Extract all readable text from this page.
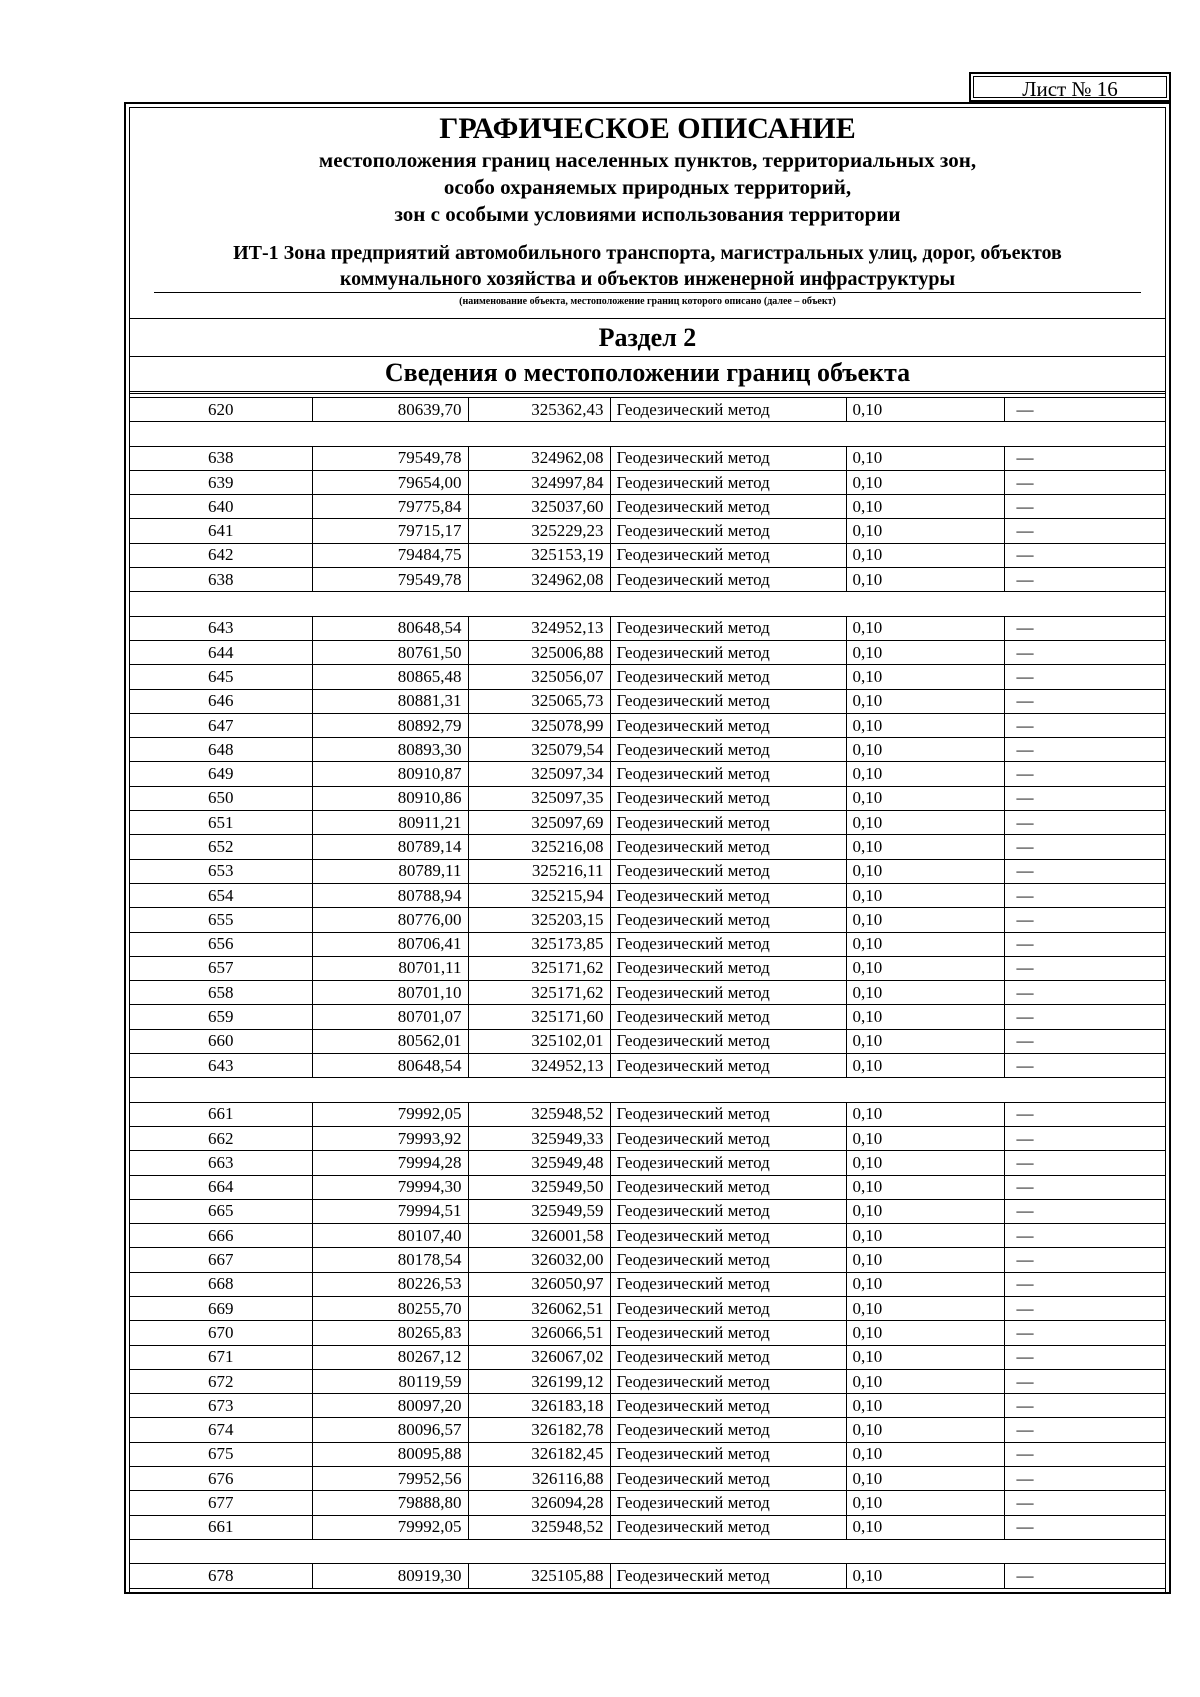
Лист № 16
ГРАФИЧЕСКОЕ ОПИСАНИЕ
местоположения границ населенных пунктов, территориальных зон,
особо охраняемых природных территорий,
зон с особыми условиями использования территории
ИТ-1 Зона предприятий автомобильного транспорта, магистральных улиц, дорог, объектов
коммунального хозяйства и объектов инженерной инфраструктуры
(наименование объекта, местоположение границ которого описано (далее – объект)
Раздел 2
Сведения о местоположении границ объекта
620	80639,70	325362,43	Геодезический метод	0,10	—

638	79549,78	324962,08	Геодезический метод	0,10	—
639	79654,00	324997,84	Геодезический метод	0,10	—
640	79775,84	325037,60	Геодезический метод	0,10	—
641	79715,17	325229,23	Геодезический метод	0,10	—
642	79484,75	325153,19	Геодезический метод	0,10	—
638	79549,78	324962,08	Геодезический метод	0,10	—

643	80648,54	324952,13	Геодезический метод	0,10	—
644	80761,50	325006,88	Геодезический метод	0,10	—
645	80865,48	325056,07	Геодезический метод	0,10	—
646	80881,31	325065,73	Геодезический метод	0,10	—
647	80892,79	325078,99	Геодезический метод	0,10	—
648	80893,30	325079,54	Геодезический метод	0,10	—
649	80910,87	325097,34	Геодезический метод	0,10	—
650	80910,86	325097,35	Геодезический метод	0,10	—
651	80911,21	325097,69	Геодезический метод	0,10	—
652	80789,14	325216,08	Геодезический метод	0,10	—
653	80789,11	325216,11	Геодезический метод	0,10	—
654	80788,94	325215,94	Геодезический метод	0,10	—
655	80776,00	325203,15	Геодезический метод	0,10	—
656	80706,41	325173,85	Геодезический метод	0,10	—
657	80701,11	325171,62	Геодезический метод	0,10	—
658	80701,10	325171,62	Геодезический метод	0,10	—
659	80701,07	325171,60	Геодезический метод	0,10	—
660	80562,01	325102,01	Геодезический метод	0,10	—
643	80648,54	324952,13	Геодезический метод	0,10	—

661	79992,05	325948,52	Геодезический метод	0,10	—
662	79993,92	325949,33	Геодезический метод	0,10	—
663	79994,28	325949,48	Геодезический метод	0,10	—
664	79994,30	325949,50	Геодезический метод	0,10	—
665	79994,51	325949,59	Геодезический метод	0,10	—
666	80107,40	326001,58	Геодезический метод	0,10	—
667	80178,54	326032,00	Геодезический метод	0,10	—
668	80226,53	326050,97	Геодезический метод	0,10	—
669	80255,70	326062,51	Геодезический метод	0,10	—
670	80265,83	326066,51	Геодезический метод	0,10	—
671	80267,12	326067,02	Геодезический метод	0,10	—
672	80119,59	326199,12	Геодезический метод	0,10	—
673	80097,20	326183,18	Геодезический метод	0,10	—
674	80096,57	326182,78	Геодезический метод	0,10	—
675	80095,88	326182,45	Геодезический метод	0,10	—
676	79952,56	326116,88	Геодезический метод	0,10	—
677	79888,80	326094,28	Геодезический метод	0,10	—
661	79992,05	325948,52	Геодезический метод	0,10	—

678	80919,30	325105,88	Геодезический метод	0,10	—
